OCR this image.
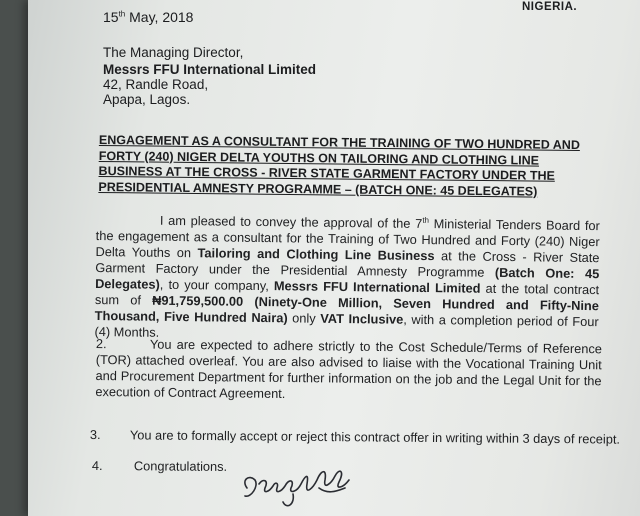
15th May, 2018
NIGERIA.
The Managing Director,
Messrs FFU International Limited
42, Randle Road,
Apapa, Lagos.
ENGAGEMENT AS A CONSULTANT FOR THE TRAINING OF TWO HUNDRED AND FORTY (240) NIGER DELTA YOUTHS ON TAILORING AND CLOTHING LINE BUSINESS AT THE CROSS - RIVER STATE GARMENT FACTORY UNDER THE PRESIDENTIAL AMNESTY PROGRAMME – (BATCH ONE: 45 DELEGATES)
I am pleased to convey the approval of the 7th Ministerial Tenders Board for the engagement as a consultant for the Training of Two Hundred and Forty (240) Niger Delta Youths on Tailoring and Clothing Line Business at the Cross - River State Garment Factory under the Presidential Amnesty Programme (Batch One: 45 Delegates), to your company, Messrs FFU International Limited at the total contract sum of ₦91,759,500.00 (Ninety-One Million, Seven Hundred and Fifty-Nine Thousand, Five Hundred Naira) only VAT Inclusive, with a completion period of Four (4) Months.
2.	You are expected to adhere strictly to the Cost Schedule/Terms of Reference (TOR) attached overleaf. You are also advised to liaise with the Vocational Training Unit and Procurement Department for further information on the job and the Legal Unit for the execution of Contract Agreement.
3. You are to formally accept or reject this contract offer in writing within 3 days of receipt.
4. Congratulations.
